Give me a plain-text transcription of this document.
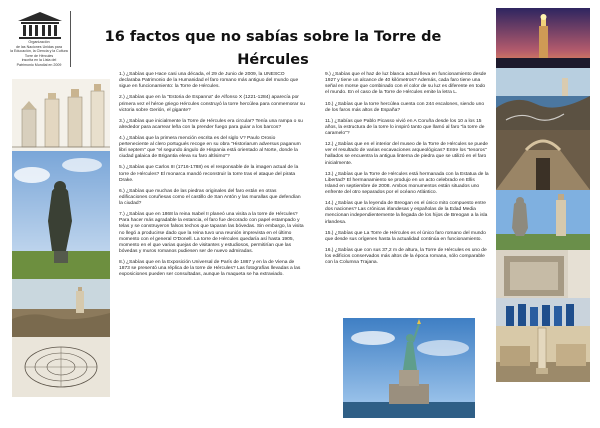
Organización
de las Naciones Unidas para
la Educación, la Ciencia y la Cultura
Torre de Hércules
inscrita en la Lista del
Patrimonio Mundial en 2009
16 factos que no sabías sobre la Torre de
Hércules

1.) ¿Sabías que Hace casi una década, el 29 de Junio de 2009, la UNESCO declaraba Patrimonio de la Humanidad el faro romano más antiguo del mundo que sigue en funcionamiento: la Torre de Hércules.

2.) ¿Sabías que en la "Estoria de Espanna" de Alfonso X (1221-1284) aparecía por primera vez el héroe griego Hércules construyó la torre hercúlea para conmemorar su victoria sobre Gerión, el gigante?

3.) ¿Sabías que inicialmente la Torre de Hércules era circular? Tenía una rampa o su alrededor para acarrear leña con la prender fuego para guiar a los barcos?

4.) ¿Sabías que la primera mención escrita es del siglo V? Paulo Orosio perteneciente al clero portugués recoge en su obra "Historiarum adversus paganum libri septem" que "el segundo ángulo de Hispania está orientado al Norte, donde la ciudad galaica de Brigantia eleva su faro altísimo"?

5.) ¿Sabías que Carlos III (1716-1788) es el responsable de la imagen actual de la torre de Hércules? El monarca mandó reconstruir la torre tras el ataque del pirata Drake.

6.) ¿Sabías que muchas de las piedras originales del faro están en otras edificaciones coruñesas como el castillo de San Antón y las murallas que defendían la ciudad?

7.) ¿Sabías que en 1868 la reina Isabel II planeó una visita a la torre de Hércules? Para hacer más agradable la estancia, el faro fue decorado con papel estampado y telas y se construyeron falsos techos que taparan las bóvedas. Sin embargo, la visita no llegó a producirse dado que la reina tuvo una reunión imprevista en el último momento con el general O'Donell. La torre de Hércules quedaría así hasta 1905, momento en el que varias quejas de visitantes y estudiosos, permitirían que las bóvedas y muros romanos pudiesen ser de nuevo admiradas.

8.) ¿Sabías que en la Exposición Universal de París de 1867 y en la de Viena de 1873 se presentó una réplica de la torre de Hércules? Las fotografías llevadas a las exposiciones pueden ser consultadas, aunque la maqueta se ha extraviado.

9.) ¿Sabías que el haz de luz blanca actual lleva en funcionamiento desde 1927 y tiene un alcance de 40 kilómetros? Además, cada faro tiene una señal en morse que combinado con el color de su luz es diferente en todo el mundo. En el caso de la Torre de Hércules emite la letra L.

10.) ¿Sabías que la torre hercúlea cuenta con 244 escalones, siendo uno de los faros más altos de España?

11.) ¿Sabías que Pablo Picasso vivió en A Coruña desde los 10 a los 15 años, la estructura de la torre lo inspiró tanto que llamó al faro "la torre de caramelo"?

12.) ¿Sabías que en el interior del museo de la Torre de Hércules se puede ver el resultado de varias excavaciones arqueológicas? Entre los "tesoros" hallados se encuentra la antigua linterna de piedra que se utilizó en el faro inicialmente.

13.) ¿Sabías que la Torre de Hércules está hermanada con la Estatua de la Libertad? El hermanamiento se produjo en un acto celebrado en Ellis Island en septiembre de 2008. Ambos monumentos están situados uno enfrente del otro separados por el océano Atlántico.

14.) ¿Sabías que la leyenda de Breogan es el único mito compuesto entre dos naciones? Las crónicas irlandesas y españolas de la Edad Media mencionan independientemente la llegada de los hijos de Breogan a la isla irlandesa.

15.) ¿Sabías que La Torre de Hércules es el único faro romano del mundo que desde sus orígenes hasta la actualidad continúa en funcionamiento.

16.) ¿Sabías que con sus 37,2 m de altura, la Torre de Hércules es uno de los edificios conservados más altos de la época romana, sólo comparable con la Columna Trajana.
